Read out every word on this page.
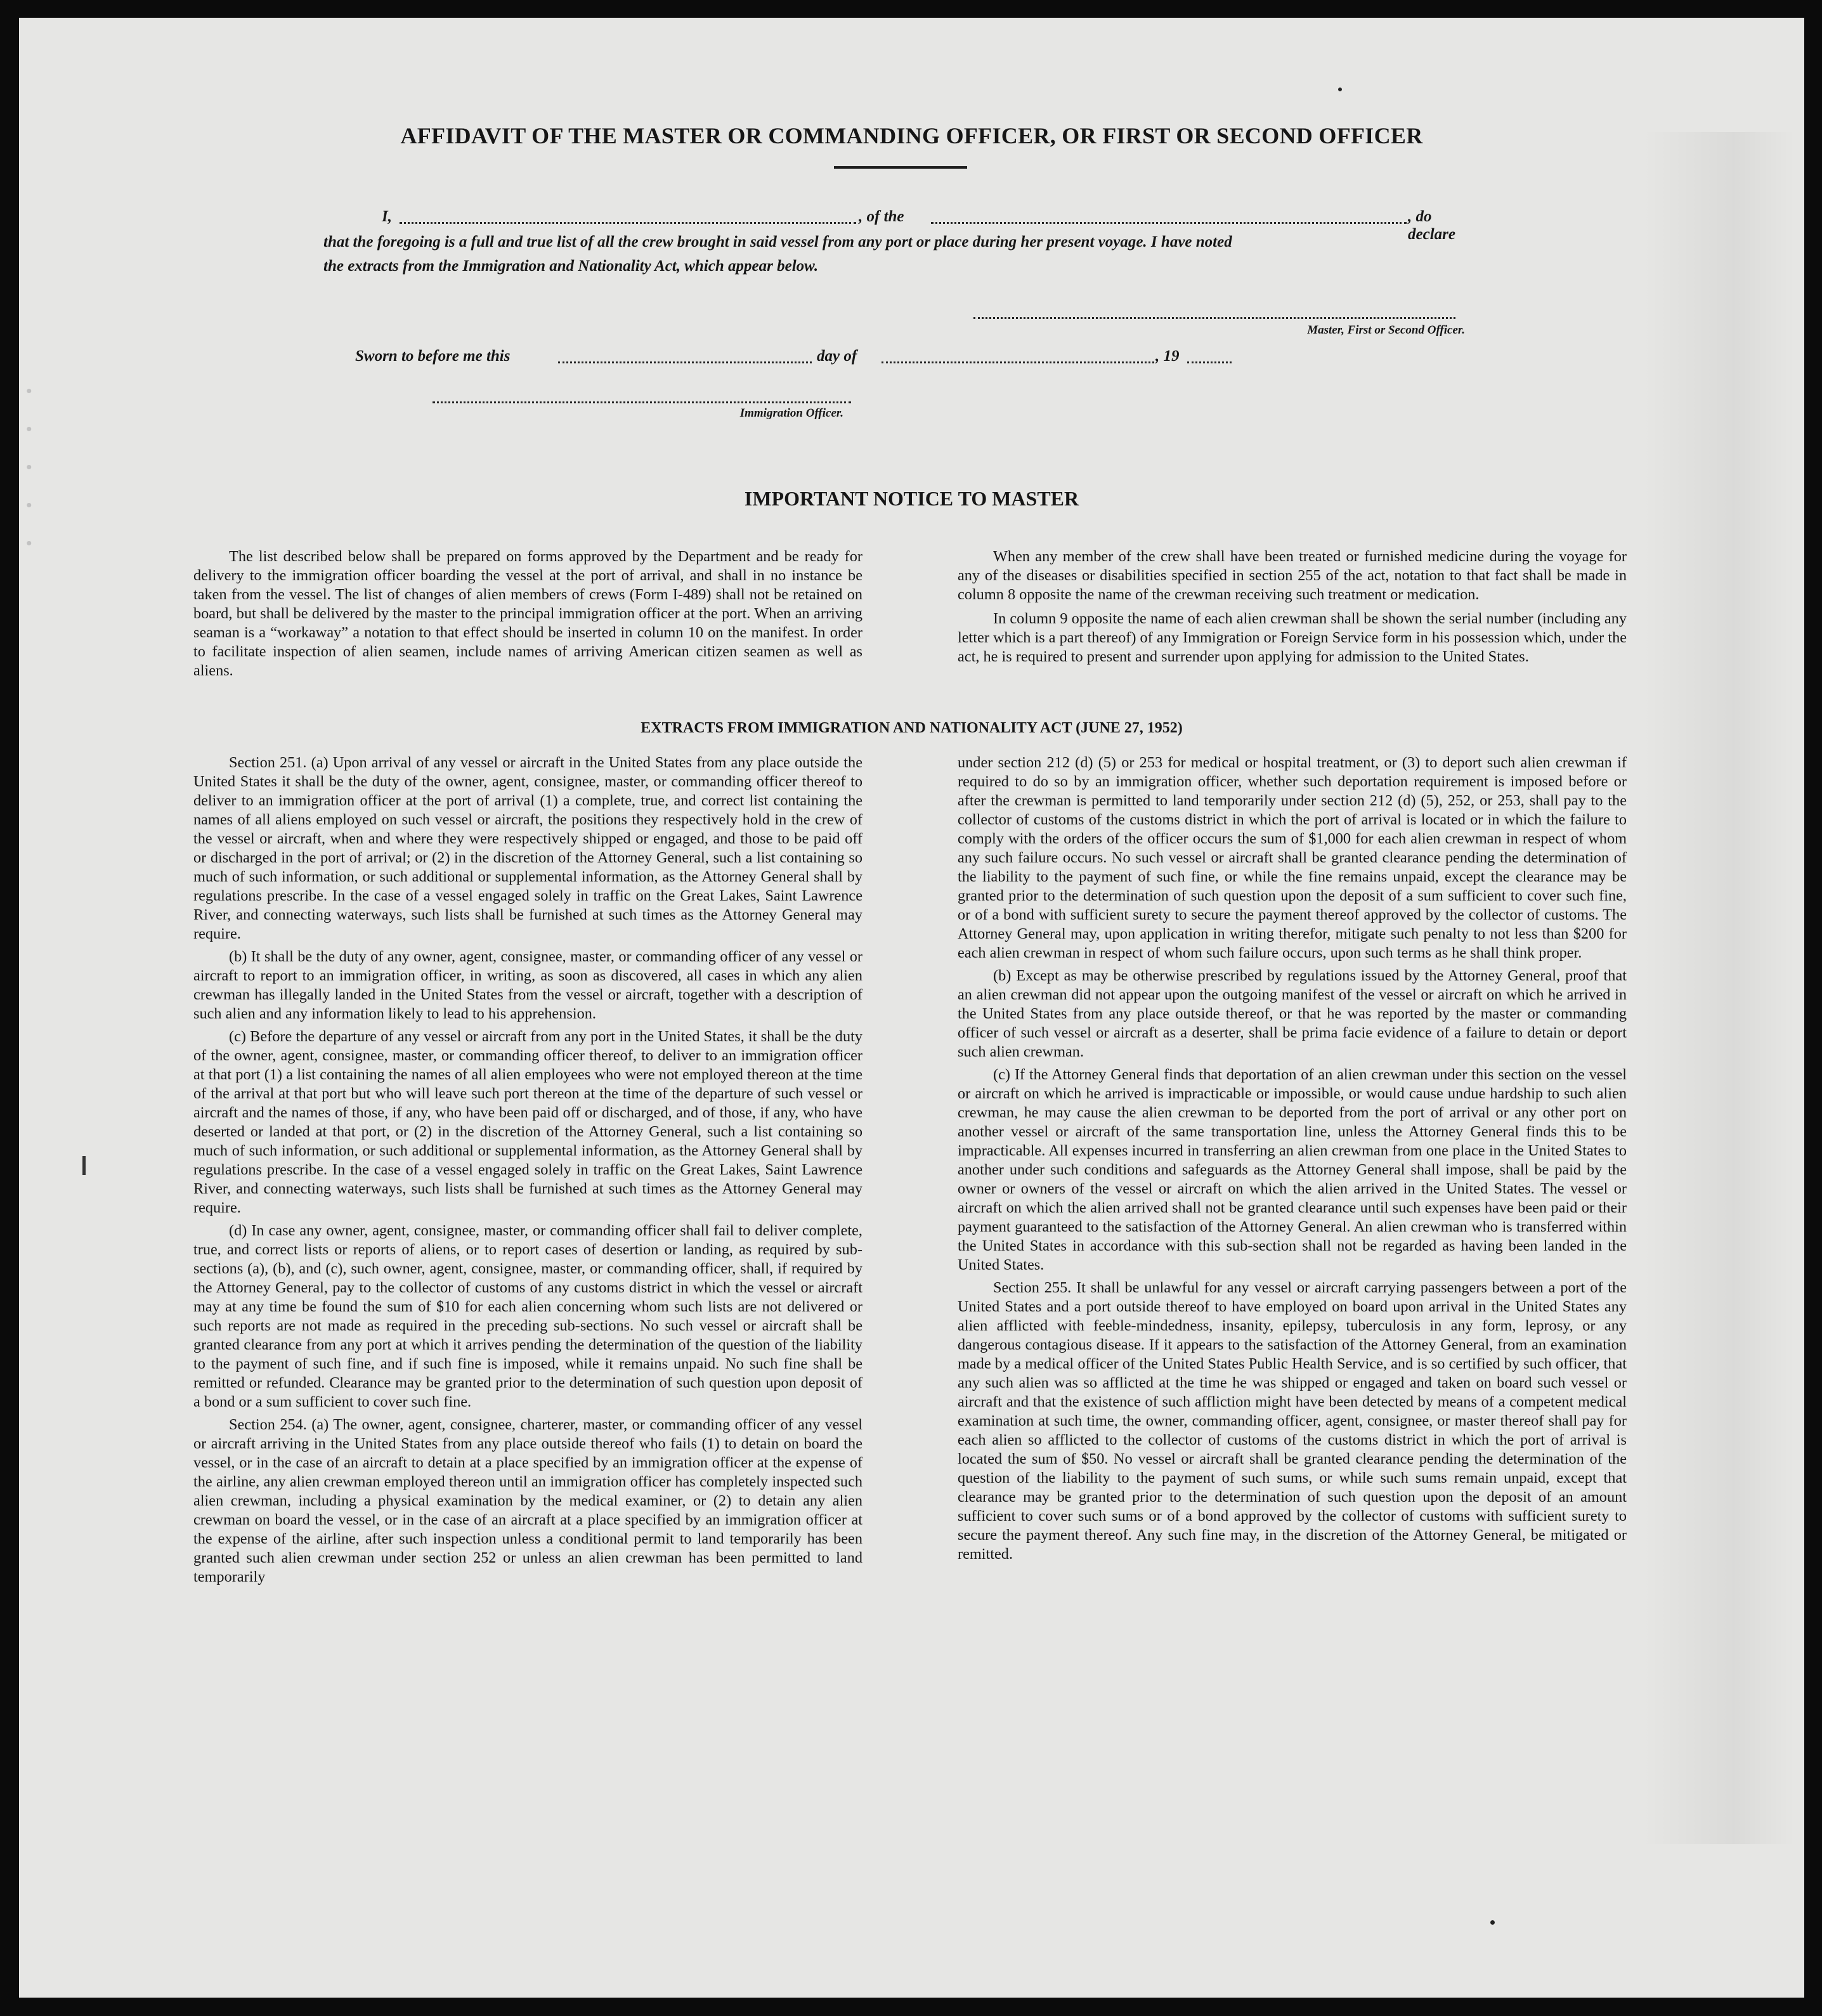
•
•
•
•
•
AFFIDAVIT OF THE MASTER OR COMMANDING OFFICER, OR FIRST OR SECOND OFFICER
I,	, of the	, do declare
that the foregoing is a full and true list of all the crew brought in said vessel from any port or place during her present voyage. I have noted
the extracts from the Immigration and Nationality Act, which appear below.
Master, First or Second Officer.
Sworn to before me this	day of	, 19
Immigration Officer.
IMPORTANT NOTICE TO MASTER

The list described below shall be prepared on forms approved by the Department and be ready for delivery to the immigration officer boarding the vessel at the port of arrival, and shall in no instance be taken from the vessel. The list of changes of alien members of crews (Form I-489) shall not be retained on board, but shall be delivered by the master to the principal immigration officer at the port. When an arriving seaman is a “workaway” a notation to that effect should be inserted in column 10 on the manifest. In order to facilitate inspection of alien seamen, include names of arriving American citizen seamen as well as aliens.

When any member of the crew shall have been treated or furnished medicine during the voyage for any of the diseases or disabilities specified in section 255 of the act, notation to that fact shall be made in column 8 opposite the name of the crewman receiving such treatment or medication.

In column 9 opposite the name of each alien crewman shall be shown the serial number (including any letter which is a part thereof) of any Immigration or Foreign Service form in his possession which, under the act, he is required to present and surrender upon applying for admission to the United States.

EXTRACTS FROM IMMIGRATION AND NATIONALITY ACT (JUNE 27, 1952)

Section 251. (a) Upon arrival of any vessel or aircraft in the United States from any place outside the United States it shall be the duty of the owner, agent, consignee, master, or commanding officer thereof to deliver to an immigration officer at the port of arrival (1) a complete, true, and correct list containing the names of all aliens employed on such vessel or aircraft, the positions they respectively hold in the crew of the vessel or aircraft, when and where they were respectively shipped or engaged, and those to be paid off or discharged in the port of arrival; or (2) in the discretion of the Attorney General, such a list containing so much of such information, or such additional or supplemental information, as the Attorney General shall by regulations prescribe. In the case of a vessel engaged solely in traffic on the Great Lakes, Saint Lawrence River, and connecting waterways, such lists shall be furnished at such times as the Attorney General may require.

(b) It shall be the duty of any owner, agent, consignee, master, or commanding officer of any vessel or aircraft to report to an immigration officer, in writing, as soon as discovered, all cases in which any alien crewman has illegally landed in the United States from the vessel or aircraft, together with a description of such alien and any information likely to lead to his apprehension.

(c) Before the departure of any vessel or aircraft from any port in the United States, it shall be the duty of the owner, agent, consignee, master, or commanding officer thereof, to deliver to an immigration officer at that port (1) a list containing the names of all alien employees who were not employed thereon at the time of the arrival at that port but who will leave such port thereon at the time of the departure of such vessel or aircraft and the names of those, if any, who have been paid off or discharged, and of those, if any, who have deserted or landed at that port, or (2) in the discretion of the Attorney General, such a list containing so much of such information, or such additional or supplemental information, as the Attorney General shall by regulations prescribe. In the case of a vessel engaged solely in traffic on the Great Lakes, Saint Lawrence River, and connecting waterways, such lists shall be furnished at such times as the Attorney General may require.

(d) In case any owner, agent, consignee, master, or commanding officer shall fail to deliver complete, true, and correct lists or reports of aliens, or to report cases of desertion or landing, as required by sub-sections (a), (b), and (c), such owner, agent, consignee, master, or commanding officer, shall, if required by the Attorney General, pay to the collector of customs of any customs district in which the vessel or aircraft may at any time be found the sum of $10 for each alien concerning whom such lists are not delivered or such reports are not made as required in the preceding sub-sections. No such vessel or aircraft shall be granted clearance from any port at which it arrives pending the determination of the question of the liability to the payment of such fine, and if such fine is imposed, while it remains unpaid. No such fine shall be remitted or refunded. Clearance may be granted prior to the determination of such question upon deposit of a bond or a sum sufficient to cover such fine.

Section 254. (a) The owner, agent, consignee, charterer, master, or commanding officer of any vessel or aircraft arriving in the United States from any place outside thereof who fails (1) to detain on board the vessel, or in the case of an aircraft to detain at a place specified by an immigration officer at the expense of the airline, any alien crewman employed thereon until an immigration officer has completely inspected such alien crewman, including a physical examination by the medical examiner, or (2) to detain any alien crewman on board the vessel, or in the case of an aircraft at a place specified by an immigration officer at the expense of the airline, after such inspection unless a conditional permit to land temporarily has been granted such alien crewman under section 252 or unless an alien crewman has been permitted to land temporarily

under section 212 (d) (5) or 253 for medical or hospital treatment, or (3) to deport such alien crewman if required to do so by an immigration officer, whether such deportation requirement is imposed before or after the crewman is permitted to land temporarily under section 212 (d) (5), 252, or 253, shall pay to the collector of customs of the customs district in which the port of arrival is located or in which the failure to comply with the orders of the officer occurs the sum of $1,000 for each alien crewman in respect of whom any such failure occurs. No such vessel or aircraft shall be granted clearance pending the determination of the liability to the payment of such fine, or while the fine remains unpaid, except the clearance may be granted prior to the determination of such question upon the deposit of a sum sufficient to cover such fine, or of a bond with sufficient surety to secure the payment thereof approved by the collector of customs. The Attorney General may, upon application in writing therefor, mitigate such penalty to not less than $200 for each alien crewman in respect of whom such failure occurs, upon such terms as he shall think proper.

(b) Except as may be otherwise prescribed by regulations issued by the Attorney General, proof that an alien crewman did not appear upon the outgoing manifest of the vessel or aircraft on which he arrived in the United States from any place outside thereof, or that he was reported by the master or commanding officer of such vessel or aircraft as a deserter, shall be prima facie evidence of a failure to detain or deport such alien crewman.

(c) If the Attorney General finds that deportation of an alien crewman under this section on the vessel or aircraft on which he arrived is impracticable or impossible, or would cause undue hardship to such alien crewman, he may cause the alien crewman to be deported from the port of arrival or any other port on another vessel or aircraft of the same transportation line, unless the Attorney General finds this to be impracticable. All expenses incurred in transferring an alien crewman from one place in the United States to another under such conditions and safeguards as the Attorney General shall impose, shall be paid by the owner or owners of the vessel or aircraft on which the alien arrived in the United States. The vessel or aircraft on which the alien arrived shall not be granted clearance until such expenses have been paid or their payment guaranteed to the satisfaction of the Attorney General. An alien crewman who is transferred within the United States in accordance with this sub-section shall not be regarded as having been landed in the United States.

Section 255. It shall be unlawful for any vessel or aircraft carrying passengers between a port of the United States and a port outside thereof to have employed on board upon arrival in the United States any alien afflicted with feeble-mindedness, insanity, epilepsy, tuberculosis in any form, leprosy, or any dangerous contagious disease. If it appears to the satisfaction of the Attorney General, from an examination made by a medical officer of the United States Public Health Service, and is so certified by such officer, that any such alien was so afflicted at the time he was shipped or engaged and taken on board such vessel or aircraft and that the existence of such affliction might have been detected by means of a competent medical examination at such time, the owner, commanding officer, agent, consignee, or master thereof shall pay for each alien so afflicted to the collector of customs of the customs district in which the port of arrival is located the sum of $50. No vessel or aircraft shall be granted clearance pending the determination of the question of the liability to the payment of such sums, or while such sums remain unpaid, except that clearance may be granted prior to the determination of such question upon the deposit of an amount sufficient to cover such sums or of a bond approved by the collector of customs with sufficient surety to secure the payment thereof. Any such fine may, in the discretion of the Attorney General, be mitigated or remitted.
